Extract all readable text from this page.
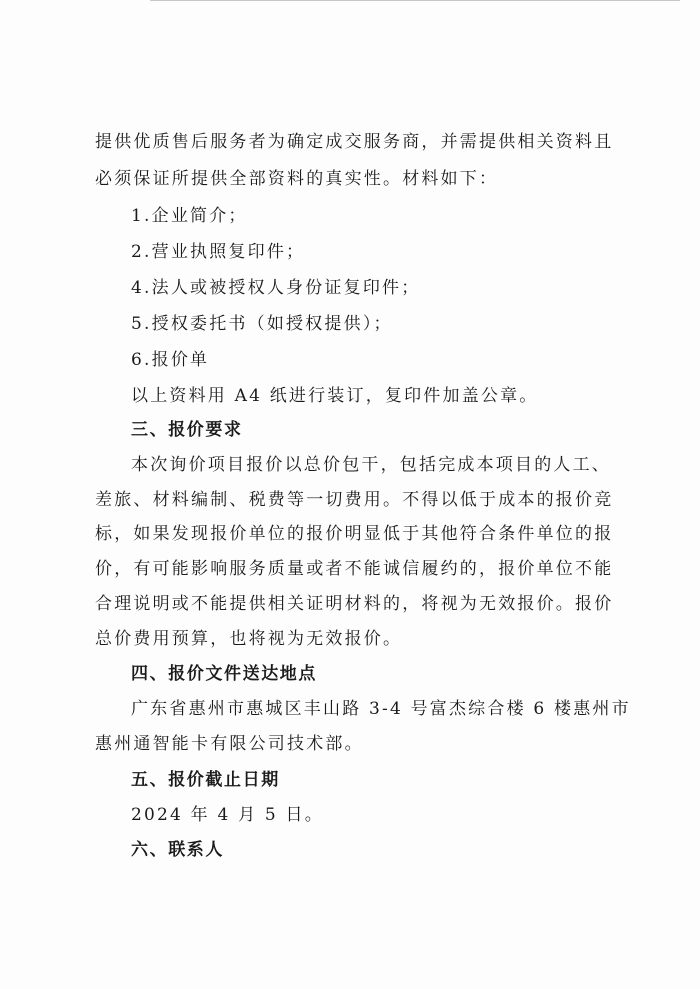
提供优质售后服务者为确定成交服务商，并需提供相关资料且
必须保证所提供全部资料的真实性。材料如下：
1.企业简介；
2.营业执照复印件；
4.法人或被授权人身份证复印件；
5.授权委托书（如授权提供）；
6.报价单
以上资料用 A4 纸进行装订，复印件加盖公章。
三、报价要求
本次询价项目报价以总价包干，包括完成本项目的人工、
差旅、材料编制、税费等一切费用。不得以低于成本的报价竞
标，如果发现报价单位的报价明显低于其他符合条件单位的报
价，有可能影响服务质量或者不能诚信履约的，报价单位不能
合理说明或不能提供相关证明材料的，将视为无效报价。报价
总价费用预算，也将视为无效报价。
四、报价文件送达地点
广东省惠州市惠城区丰山路 3-4 号富杰综合楼 6 楼惠州市
惠州通智能卡有限公司技术部。
五、报价截止日期
2024 年 4 月 5 日。
六、联系人
